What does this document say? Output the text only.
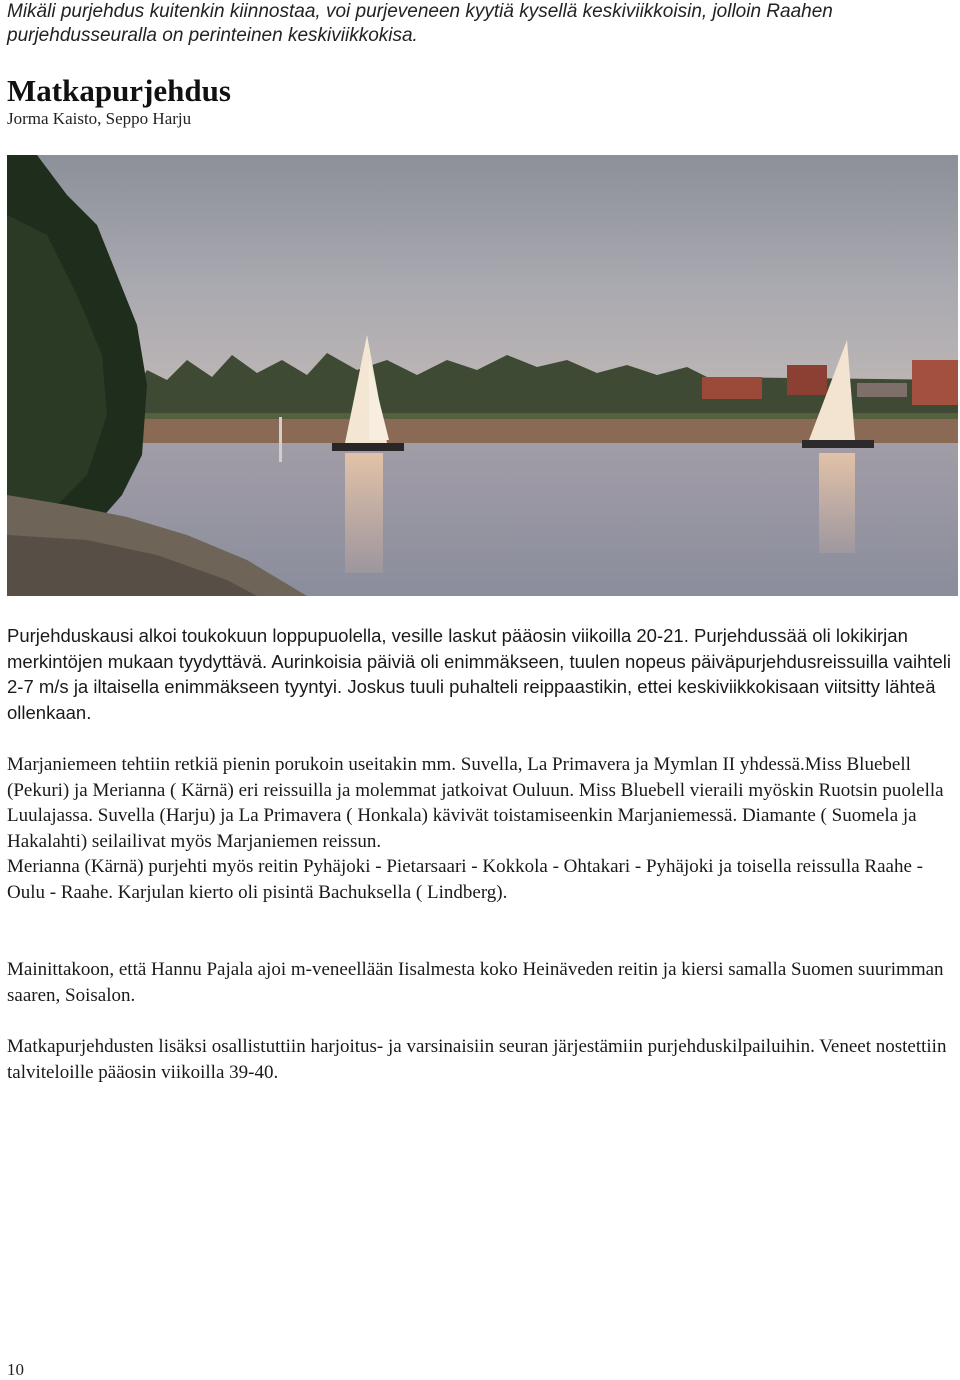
Mikäli purjehdus kuitenkin kiinnostaa, voi purjeveneen kyytiä kysellä keskiviikkoisin, jolloin Raahen purjehdusseuralla on perinteinen keskiviikkokisa.
Matkapurjehdus
Jorma Kaisto, Seppo Harju

Purjehduskausi alkoi toukokuun loppupuolella, vesille laskut pääosin viikoilla 20-21. Purjehdussää oli lokikirjan merkintöjen mukaan tyydyttävä. Aurinkoisia päiviä oli enimmäkseen, tuulen nopeus päiväpurjehdusreissuilla vaihteli 2-7 m/s ja iltaisella enimmäkseen tyyntyi. Joskus tuuli puhalteli reippaastikin, ettei keskiviikkokisaan viitsitty lähteä ollenkaan.

Marjaniemeen tehtiin retkiä pienin porukoin useitakin mm. Suvella, La Primavera ja Mymlan II yhdessä.Miss Bluebell (Pekuri) ja Merianna ( Kärnä) eri reissuilla ja molemmat jatkoivat Ouluun. Miss Bluebell vieraili myöskin Ruotsin puolella Luulajassa. Suvella (Harju) ja La Primavera ( Honkala) kävivät toistamiseenkin Marjaniemessä. Diamante ( Suomela ja Hakalahti) seilailivat myös Marjaniemen reissun.
Merianna (Kärnä) purjehti myös reitin Pyhäjoki - Pietarsaari - Kokkola - Ohtakari - Pyhäjoki ja toisella reissulla Raahe - Oulu - Raahe. Karjulan kierto oli pisintä Bachuksella ( Lindberg).

Mainittakoon, että Hannu Pajala ajoi m-veneellään Iisalmesta koko Heinäveden reitin ja kiersi samalla Suomen suurimman saaren, Soisalon.

Matkapurjehdusten lisäksi osallistuttiin harjoitus- ja varsinaisiin seuran järjestämiin purjehduskilpailuihin. Veneet nostettiin talviteloille pääosin viikoilla 39-40.

10
